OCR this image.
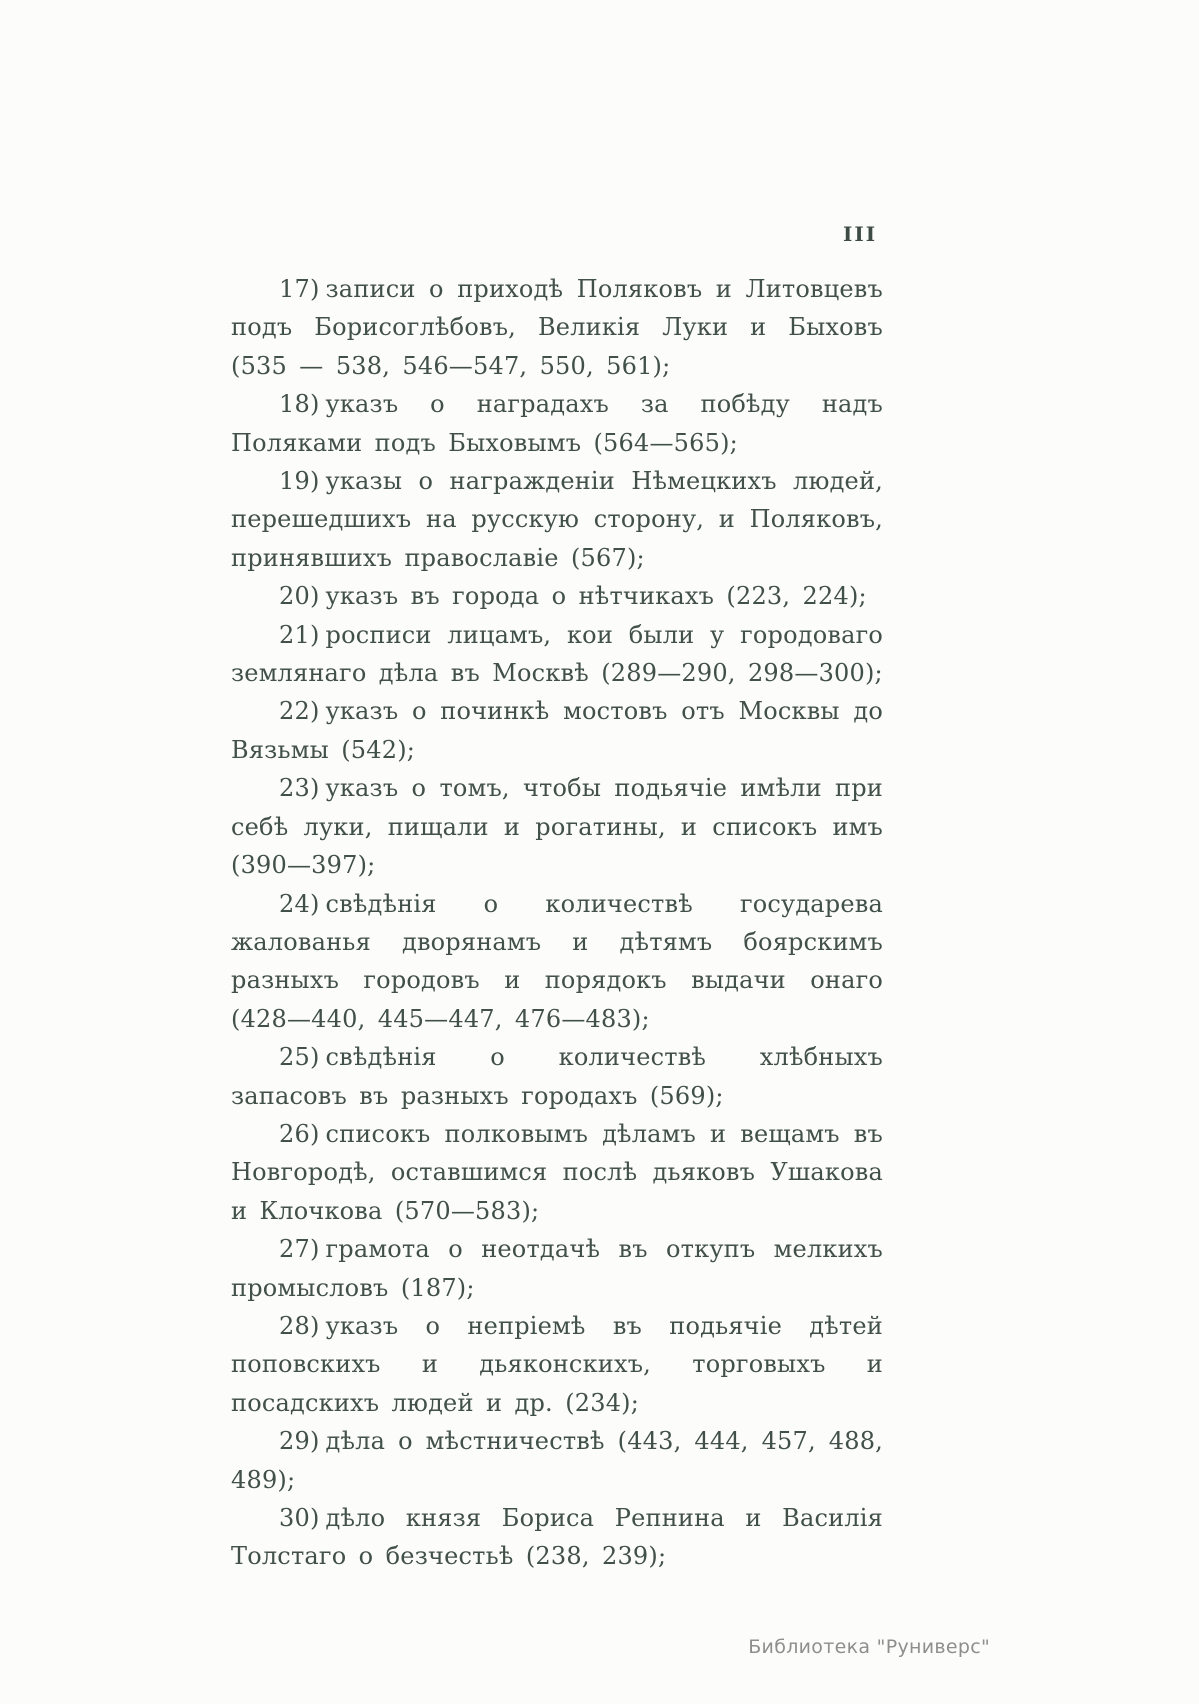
III

17) записи о приходѣ Поляковъ и Литовцевъ подъ Борисоглѣбовъ, Великія Луки и Быховъ (535 — 538, 546—547, 550, 561);

18) указъ о наградахъ за побѣду надъ Поляками подъ Быховымъ (564—565);

19) указы о награжденіи Нѣмецкихъ людей, перешедшихъ на русскую сторону, и Поляковъ, принявшихъ православіе (567);

20) указъ въ города о нѣтчикахъ (223, 224);

21) росписи лицамъ, кои были у городоваго землянаго дѣла въ Москвѣ (289—290, 298—300);

22) указъ о починкѣ мостовъ отъ Москвы до Вязьмы (542);

23) указъ о томъ, чтобы подьячіе имѣли при себѣ луки, пищали и рогатины, и списокъ имъ (390—397);

24) свѣдѣнія о количествѣ государева жалованья дворянамъ и дѣтямъ боярскимъ разныхъ городовъ и порядокъ выдачи онаго (428—440, 445—447, 476—483);

25) свѣдѣнія о количествѣ хлѣбныхъ запасовъ въ разныхъ городахъ (569);

26) списокъ полковымъ дѣламъ и вещамъ въ Новгородѣ, оставшимся послѣ дьяковъ Ушакова и Клочкова (570—583);

27) грамота о неотдачѣ въ откупъ мелкихъ промысловъ (187);

28) указъ о непріемѣ въ подьячіе дѣтей поповскихъ и дьяконскихъ, торговыхъ и посадскихъ людей и др. (234);

29) дѣла о мѣстничествѣ (443, 444, 457, 488, 489);

30) дѣло князя Бориса Репнина и Василія Толстаго о безчестьѣ (238, 239);

Библиотека "Руниверс"
